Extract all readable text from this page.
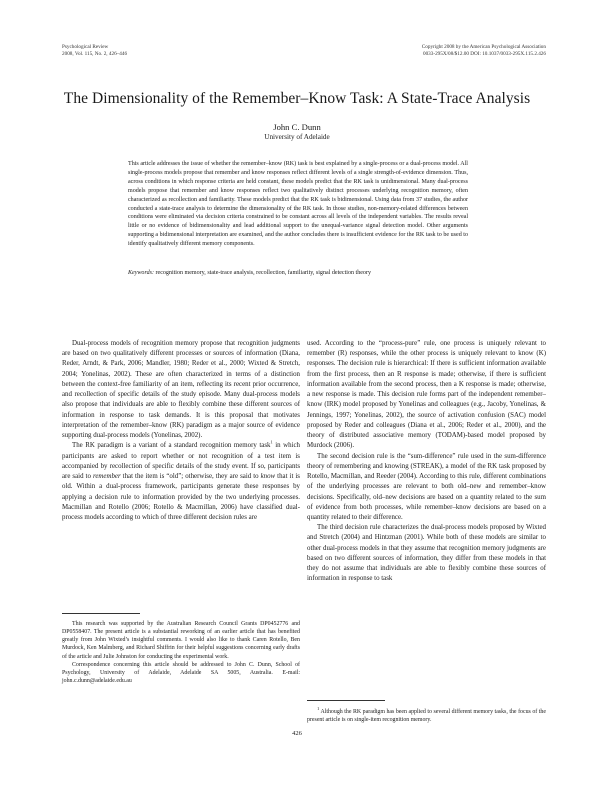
Psychological Review
2008, Vol. 115, No. 2, 426–446
Copyright 2008 by the American Psychological Association
0033-295X/08/$12.00 DOI: 10.1037/0033-295X.115.2.426
The Dimensionality of the Remember–Know Task: A State-Trace Analysis
John C. Dunn
University of Adelaide

This article addresses the issue of whether the remember–know (RK) task is best explained by a single-process or a dual-process model. All single-process models propose that remember and know responses reflect different levels of a single strength-of-evidence dimension. Thus, across conditions in which response criteria are held constant, these models predict that the RK task is unidimensional. Many dual-process models propose that remember and know responses reflect two qualitatively distinct processes underlying recognition memory, often characterized as recollection and familiarity. These models predict that the RK task is bidimensional. Using data from 37 studies, the author conducted a state-trace analysis to determine the dimensionality of the RK task. In those studies, non-memory-related differences between conditions were eliminated via decision criteria constrained to be constant across all levels of the independent variables. The results reveal little or no evidence of bidimensionality and lead additional support to the unequal-variance signal detection model. Other arguments supporting a bidimensional interpretation are examined, and the author concludes there is insufficient evidence for the RK task to be used to identify qualitatively different memory components.

Keywords: recognition memory, state-trace analysis, recollection, familiarity, signal detection theory

Dual-process models of recognition memory propose that recognition judgments are based on two qualitatively different processes or sources of information (Diana, Reder, Arndt, & Park, 2006; Mandler, 1980; Reder et al., 2000; Wixted & Stretch, 2004; Yonelinas, 2002). These are often characterized in terms of a distinction between the context-free familiarity of an item, reflecting its recent prior occurrence, and recollection of specific details of the study episode. Many dual-process models also propose that individuals are able to flexibly combine these different sources of information in response to task demands. It is this proposal that motivates interpretation of the remember–know (RK) paradigm as a major source of evidence supporting dual-process models (Yonelinas, 2002).

The RK paradigm is a variant of a standard recognition memory task$^1$ in which participants are asked to report whether or not recognition of a test item is accompanied by recollection of specific details of the study event. If so, participants are said to remember that the item is “old”; otherwise, they are said to know that it is old. Within a dual-process framework, participants generate these responses by applying a decision rule to information provided by the two underlying processes. Macmillan and Rotello (2006; Rotello & Macmillan, 2006) have classified dual-process models according to which of three different decision rules are

used. According to the “process-pure” rule, one process is uniquely relevant to remember (R) responses, while the other process is uniquely relevant to know (K) responses. The decision rule is hierarchical: If there is sufficient information available from the first process, then an R response is made; otherwise, if there is sufficient information available from the second process, then a K response is made; otherwise, a new response is made. This decision rule forms part of the independent remember–know (IRK) model proposed by Yonelinas and colleagues (e.g., Jacoby, Yonelinas, & Jennings, 1997; Yonelinas, 2002), the source of activation confusion (SAC) model proposed by Reder and colleagues (Diana et al., 2006; Reder et al., 2000), and the theory of distributed associative memory (TODAM)-based model proposed by Murdock (2006).

The second decision rule is the “sum-difference” rule used in the sum-difference theory of remembering and knowing (STREAK), a model of the RK task proposed by Rotello, Macmillan, and Reeder (2004). According to this rule, different combinations of the underlying processes are relevant to both old–new and remember–know decisions. Specifically, old–new decisions are based on a quantity related to the sum of evidence from both processes, while remember–know decisions are based on a quantity related to their difference.

The third decision rule characterizes the dual-process models proposed by Wixted and Stretch (2004) and Hintzman (2001). While both of these models are similar to other dual-process models in that they assume that recognition memory judgments are based on two different sources of information, they differ from these models in that they do not assume that individuals are able to flexibly combine these sources of information in response to task

This research was supported by the Australian Research Council Grants DP0452776 and DP0558407. The present article is a substantial reworking of an earlier article that has benefited greatly from John Wixted’s insightful comments. I would also like to thank Caren Rotello, Ben Murdock, Ken Malmberg, and Richard Shiffrin for their helpful suggestions concerning early drafts of the article and Julie Johnston for conducting the experimental work.

Correspondence concerning this article should be addressed to John C. Dunn, School of Psychology, University of Adelaide, Adelaide SA 5005, Australia. E-mail: john.c.dunn@adelaide.edu.au

$^1$ Although the RK paradigm has been applied to several different memory tasks, the focus of the present article is on single-item recognition memory.

426
